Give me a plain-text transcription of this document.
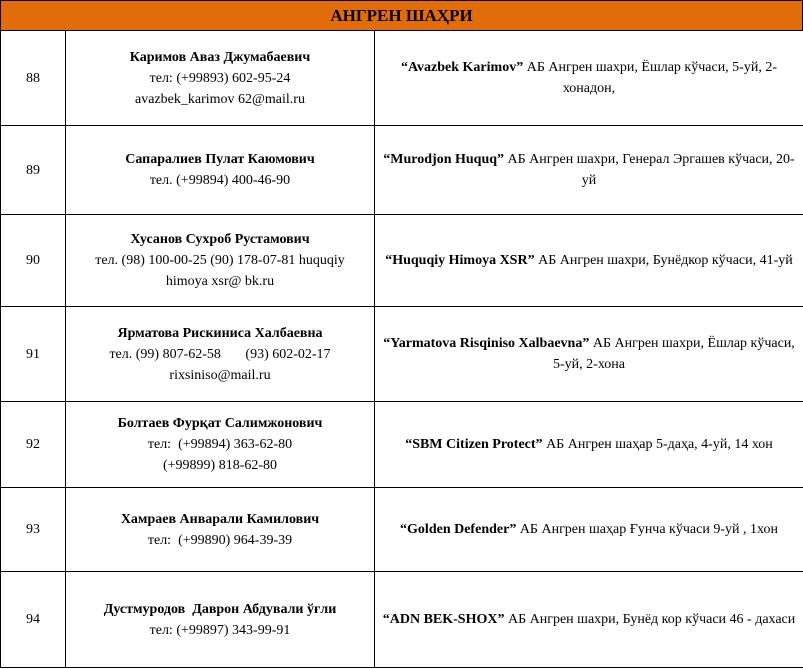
АНГРЕН ШАҲРИ
88	Каримов Аваз Джумабаевич
тел: (+99893) 602-95-24
avazbek_karimov 62@mail.ru	“Avazbek Karimov” АБ Ангрен шахри, Ёшлар кўчаси, 5-уй, 2-хонадон,
89	Сапаралиев Пулат Каюмович
тел. (+99894) 400-46-90	“Murodjon Huquq” АБ Ангрен шахри, Генерал Эргашев кўчаси, 20-уй
90	Хусанов Сухроб Рустамович
тел. (98) 100-00-25 (90) 178-07-81 huquqiy
himoya xsr@ bk.ru	“Huquqiy Himoya XSR” АБ Ангрен шахри, Бунёдкор кўчаси, 41-уй
91	Ярматова Рискиниса Халбаевна
тел. (99) 807-62-58       (93) 602-02-17
rixsiniso@mail.ru	“Yarmatova Risqiniso Xalbaevna” АБ Ангрен шахри, Ёшлар кўчаси, 5-уй, 2-хона
92	Болтаев Фурқат Салимжонович
тел:  (+99894) 363-62-80
(+99899) 818-62-80	“SBM Citizen Protect” АБ Ангрен шаҳар 5-даҳа, 4-уй, 14 хон
93	Хамраев Анварали Камилович
тел:  (+99890) 964-39-39	“Golden Defender” АБ Ангрен шаҳар Ғунча кўчаси 9-уй , 1хон
94	Дустмуродов  Даврон Абдували ўғли
тел: (+99897) 343-99-91	“ADN BEK-SHOX” АБ Ангрен шахри, Бунёд кор кўчаси 46 - дахаси
